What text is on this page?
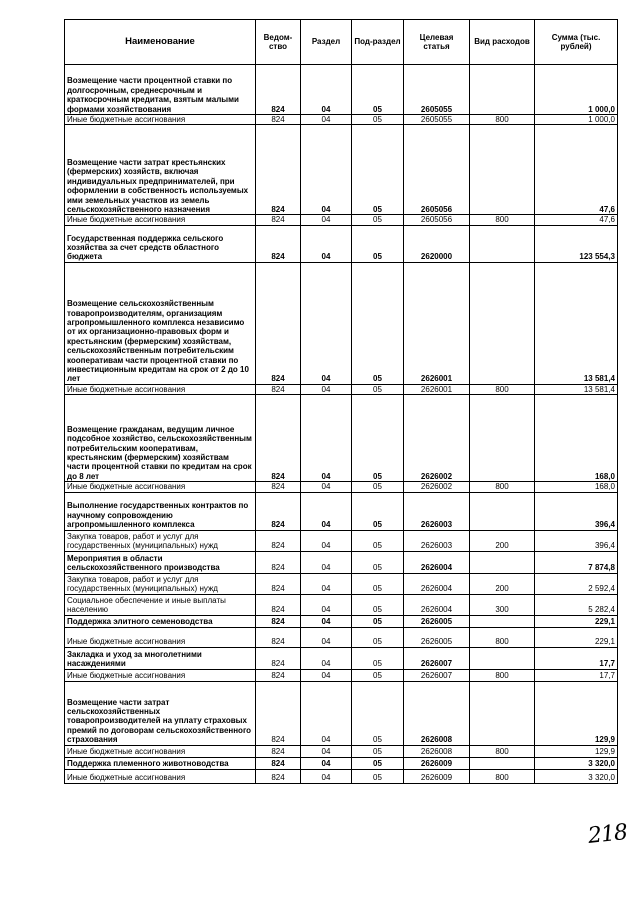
Наименование	Ведом-ство	Раздел	Под-раздел	Целевая статья	Вид расходов	Сумма (тыс. рублей)
Возмещение части процентной ставки по долгосрочным, среднесрочным и краткосрочным кредитам, взятым малыми формами хозяйствования	824	04	05	2605055		1 000,0
Иные бюджетные ассигнования	824	04	05	2605055	800	1 000,0
Возмещение части затрат крестьянских (фермерских) хозяйств, включая индивидуальных предпринимателей, при оформлении в собственность используемых ими земельных участков из земель сельскохозяйственного назначения	824	04	05	2605056		47,6
Иные бюджетные ассигнования	824	04	05	2605056	800	47,6
Государственная поддержка сельского хозяйства за счет средств областного бюджета	824	04	05	2620000		123 554,3
Возмещение сельскохозяйственным товаропроизводителям, организациям агропромышленного комплекса независимо от их организационно-правовых форм и крестьянским (фермерским) хозяйствам, сельскохозяйственным потребительским кооперативам части процентной ставки по инвестиционным кредитам на срок от 2 до 10 лет	824	04	05	2626001		13 581,4
Иные бюджетные ассигнования	824	04	05	2626001	800	13 581,4
Возмещение гражданам, ведущим личное подсобное хозяйство, сельскохозяйственным потребительским кооперативам, крестьянским (фермерским) хозяйствам части процентной ставки по кредитам на срок до 8 лет	824	04	05	2626002		168,0
Иные бюджетные ассигнования	824	04	05	2626002	800	168,0
Выполнение государственных контрактов по научному сопровождению агропромышленного комплекса	824	04	05	2626003		396,4
Закупка товаров, работ и услуг для государственных (муниципальных) нужд	824	04	05	2626003	200	396,4
Мероприятия в области сельскохозяйственного производства	824	04	05	2626004		7 874,8
Закупка товаров, работ и услуг для государственных (муниципальных) нужд	824	04	05	2626004	200	2 592,4
Социальное обеспечение и иные выплаты населению	824	04	05	2626004	300	5 282,4
Поддержка элитного семеноводства	824	04	05	2626005		229,1
Иные бюджетные ассигнования	824	04	05	2626005	800	229,1
Закладка и уход за многолетними насаждениями	824	04	05	2626007		17,7
Иные бюджетные ассигнования	824	04	05	2626007	800	17,7
Возмещение части затрат сельскохозяйственных товаропроизводителей на уплату страховых премий по договорам сельскохозяйственного страхования	824	04	05	2626008		129,9
Иные бюджетные ассигнования	824	04	05	2626008	800	129,9
Поддержка племенного животноводства	824	04	05	2626009		3 320,0
Иные бюджетные ассигнования	824	04	05	2626009	800	3 320,0
218
